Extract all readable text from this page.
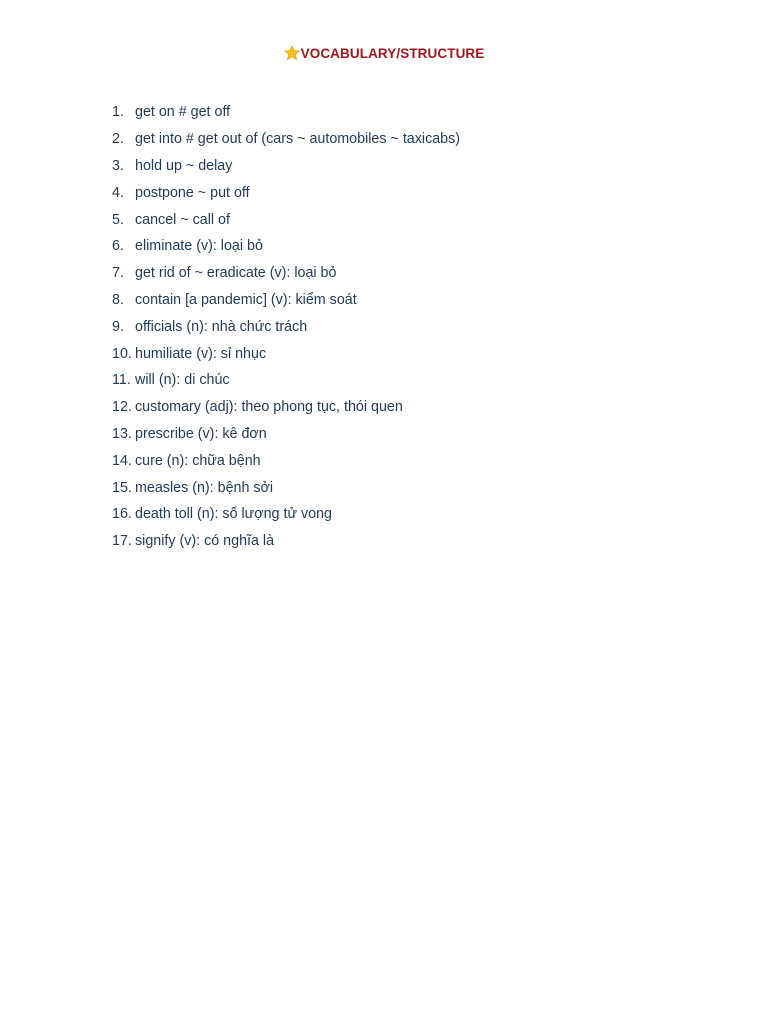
VOCABULARY/STRUCTURE
1. get on # get off
2. get into # get out of (cars ~ automobiles ~ taxicabs)
3. hold up ~ delay
4. postpone ~ put off
5. cancel ~ call of
6. eliminate (v): loại bỏ
7. get rid of ~ eradicate (v): loại bỏ
8. contain [a pandemic] (v): kiểm soát
9. officials (n): nhà chức trách
10. humiliate (v): sỉ nhục
11. will (n): di chúc
12. customary (adj): theo phong tục, thói quen
13. prescribe (v): kê đơn
14. cure (n): chữa bệnh
15. measles (n): bệnh sởi
16. death toll (n): số lượng tử vong
17. signify (v): có nghĩa là
